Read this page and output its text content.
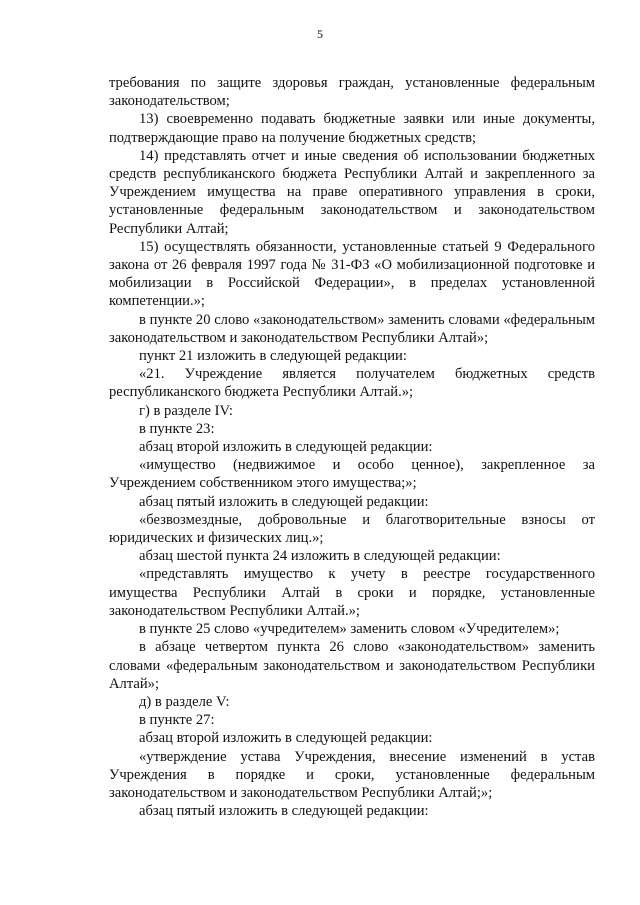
5

требования по защите здоровья граждан, установленные федеральным законодательством;

13) своевременно подавать бюджетные заявки или иные документы, подтверждающие право на получение бюджетных средств;

14) представлять отчет и иные сведения об использовании бюджетных средств республиканского бюджета Республики Алтай и закрепленного за Учреждением имущества на праве оперативного управления в сроки, установленные федеральным законодательством и законодательством Республики Алтай;

15) осуществлять обязанности, установленные статьей 9 Федерального закона от 26 февраля 1997 года № 31-ФЗ «О мобилизационной подготовке и мобилизации в Российской Федерации», в пределах установленной компетенции.»;

в пункте 20 слово «законодательством» заменить словами «федеральным законодательством и законодательством Республики Алтай»;

пункт 21 изложить в следующей редакции:

«21. Учреждение является получателем бюджетных средств республиканского бюджета Республики Алтай.»;

г) в разделе IV:

в пункте 23:

абзац второй изложить в следующей редакции:

«имущество (недвижимое и особо ценное), закрепленное за Учреждением собственником этого имущества;»;

абзац пятый изложить в следующей редакции:

«безвозмездные, добровольные и благотворительные взносы от юридических и физических лиц.»;

абзац шестой пункта 24 изложить в следующей редакции:

«представлять имущество к учету в реестре государственного имущества Республики Алтай в сроки и порядке, установленные законодательством Республики Алтай.»;

в пункте 25 слово «учредителем» заменить словом «Учредителем»;

в абзаце четвертом пункта 26 слово «законодательством» заменить словами «федеральным законодательством и законодательством Республики Алтай»;

д) в разделе V:

в пункте 27:

абзац второй изложить в следующей редакции:

«утверждение устава Учреждения, внесение изменений в устав Учреждения в порядке и сроки, установленные федеральным законодательством и законодательством Республики Алтай;»;

абзац пятый изложить в следующей редакции:
